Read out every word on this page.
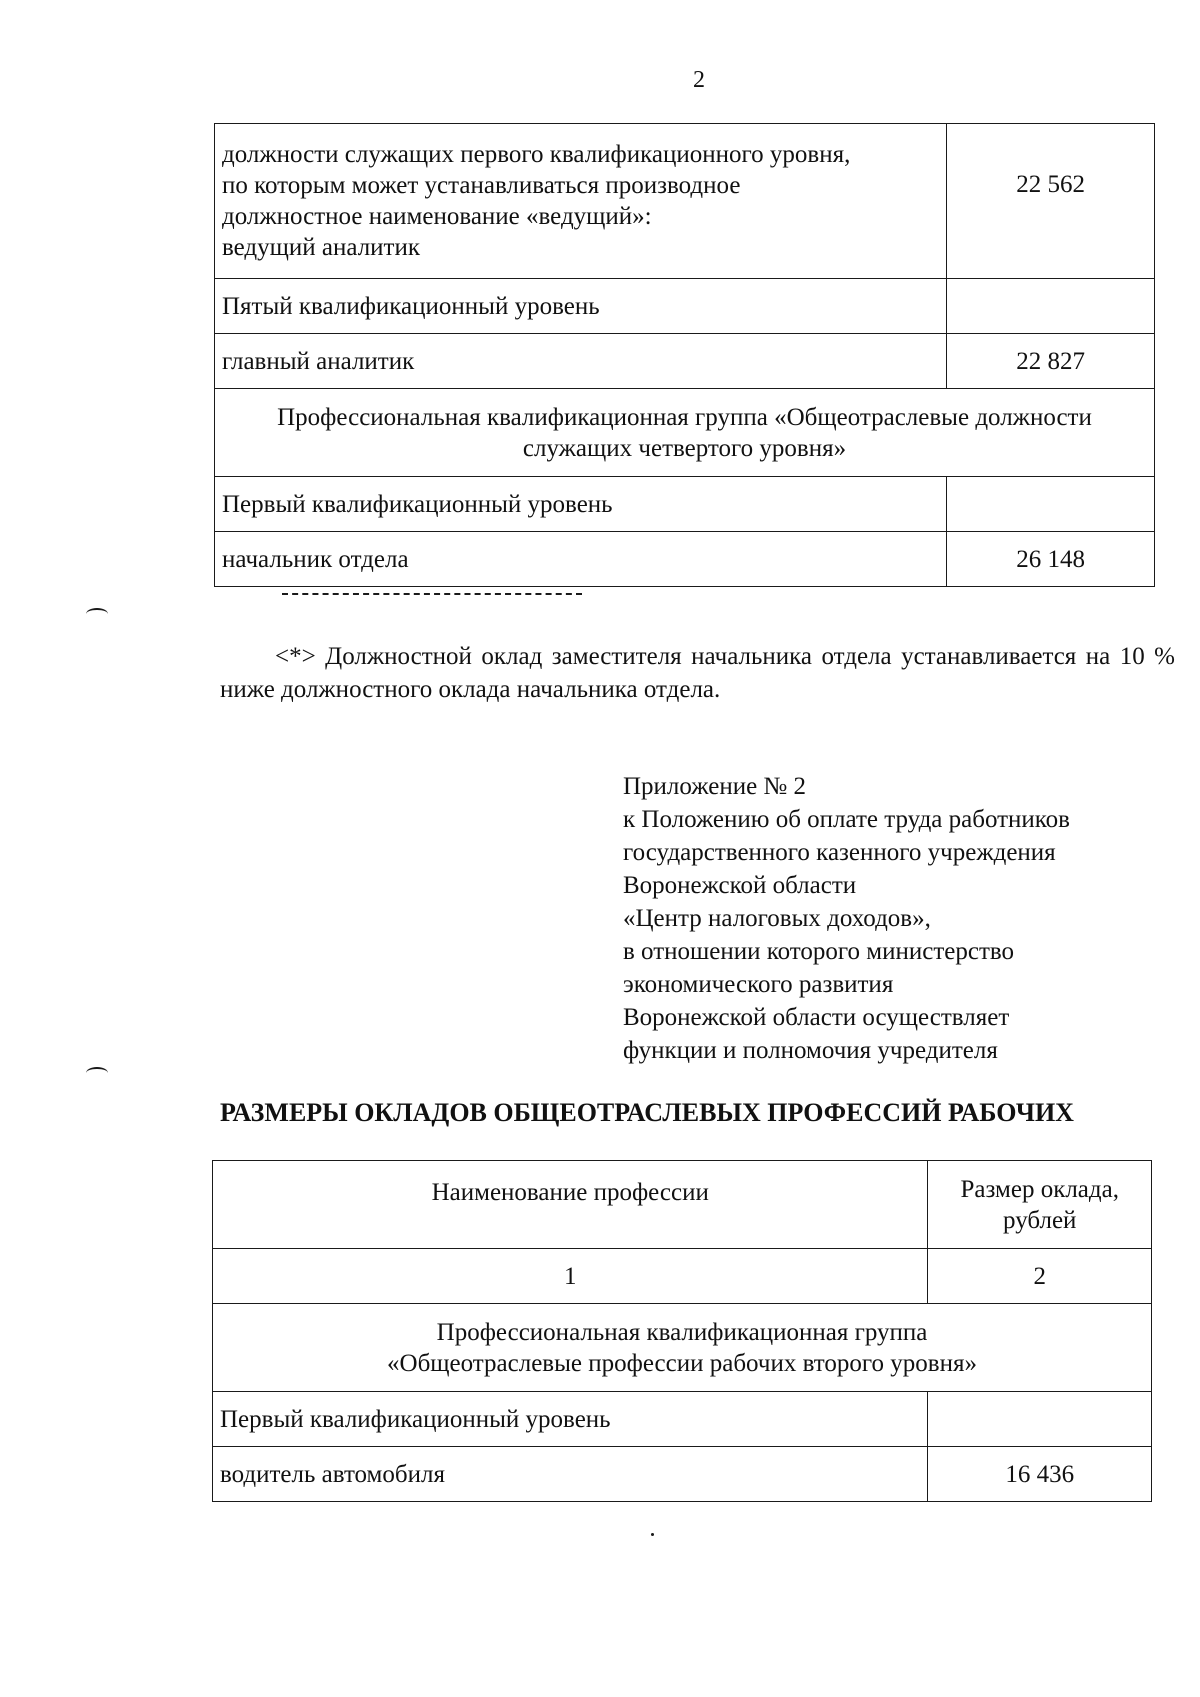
2
должности служащих первого квалификационного уровня,
по которым может устанавливаться производное
должностное наименование «ведущий»:
ведущий аналитик	22 562
Пятый квалификационный уровень	
главный аналитик	22 827

Профессиональная квалификационная группа «Общеотраслевые должности
служащих четвертого уровня»	

Первый квалификационный уровень	
начальник отдела	26 148

<*> Должностной оклад заместителя начальника отдела устанавливается на 10 % ниже должностного оклада начальника отдела.

Приложение № 2
к Положению об оплате труда работников
государственного казенного учреждения
Воронежской области
«Центр налоговых доходов»,
в отношении которого министерство
экономического развития
Воронежской области осуществляет
функции и полномочия учредителя
РАЗМЕРЫ ОКЛАДОВ ОБЩЕОТРАСЛЕВЫХ ПРОФЕССИЙ РАБОЧИХ
Наименование профессии	Размер оклада,
рублей

1	2

Профессиональная квалификационная группа
«Общеотраслевые профессии рабочих второго уровня»	

Первый квалификационный уровень	
водитель автомобиля	16 436
